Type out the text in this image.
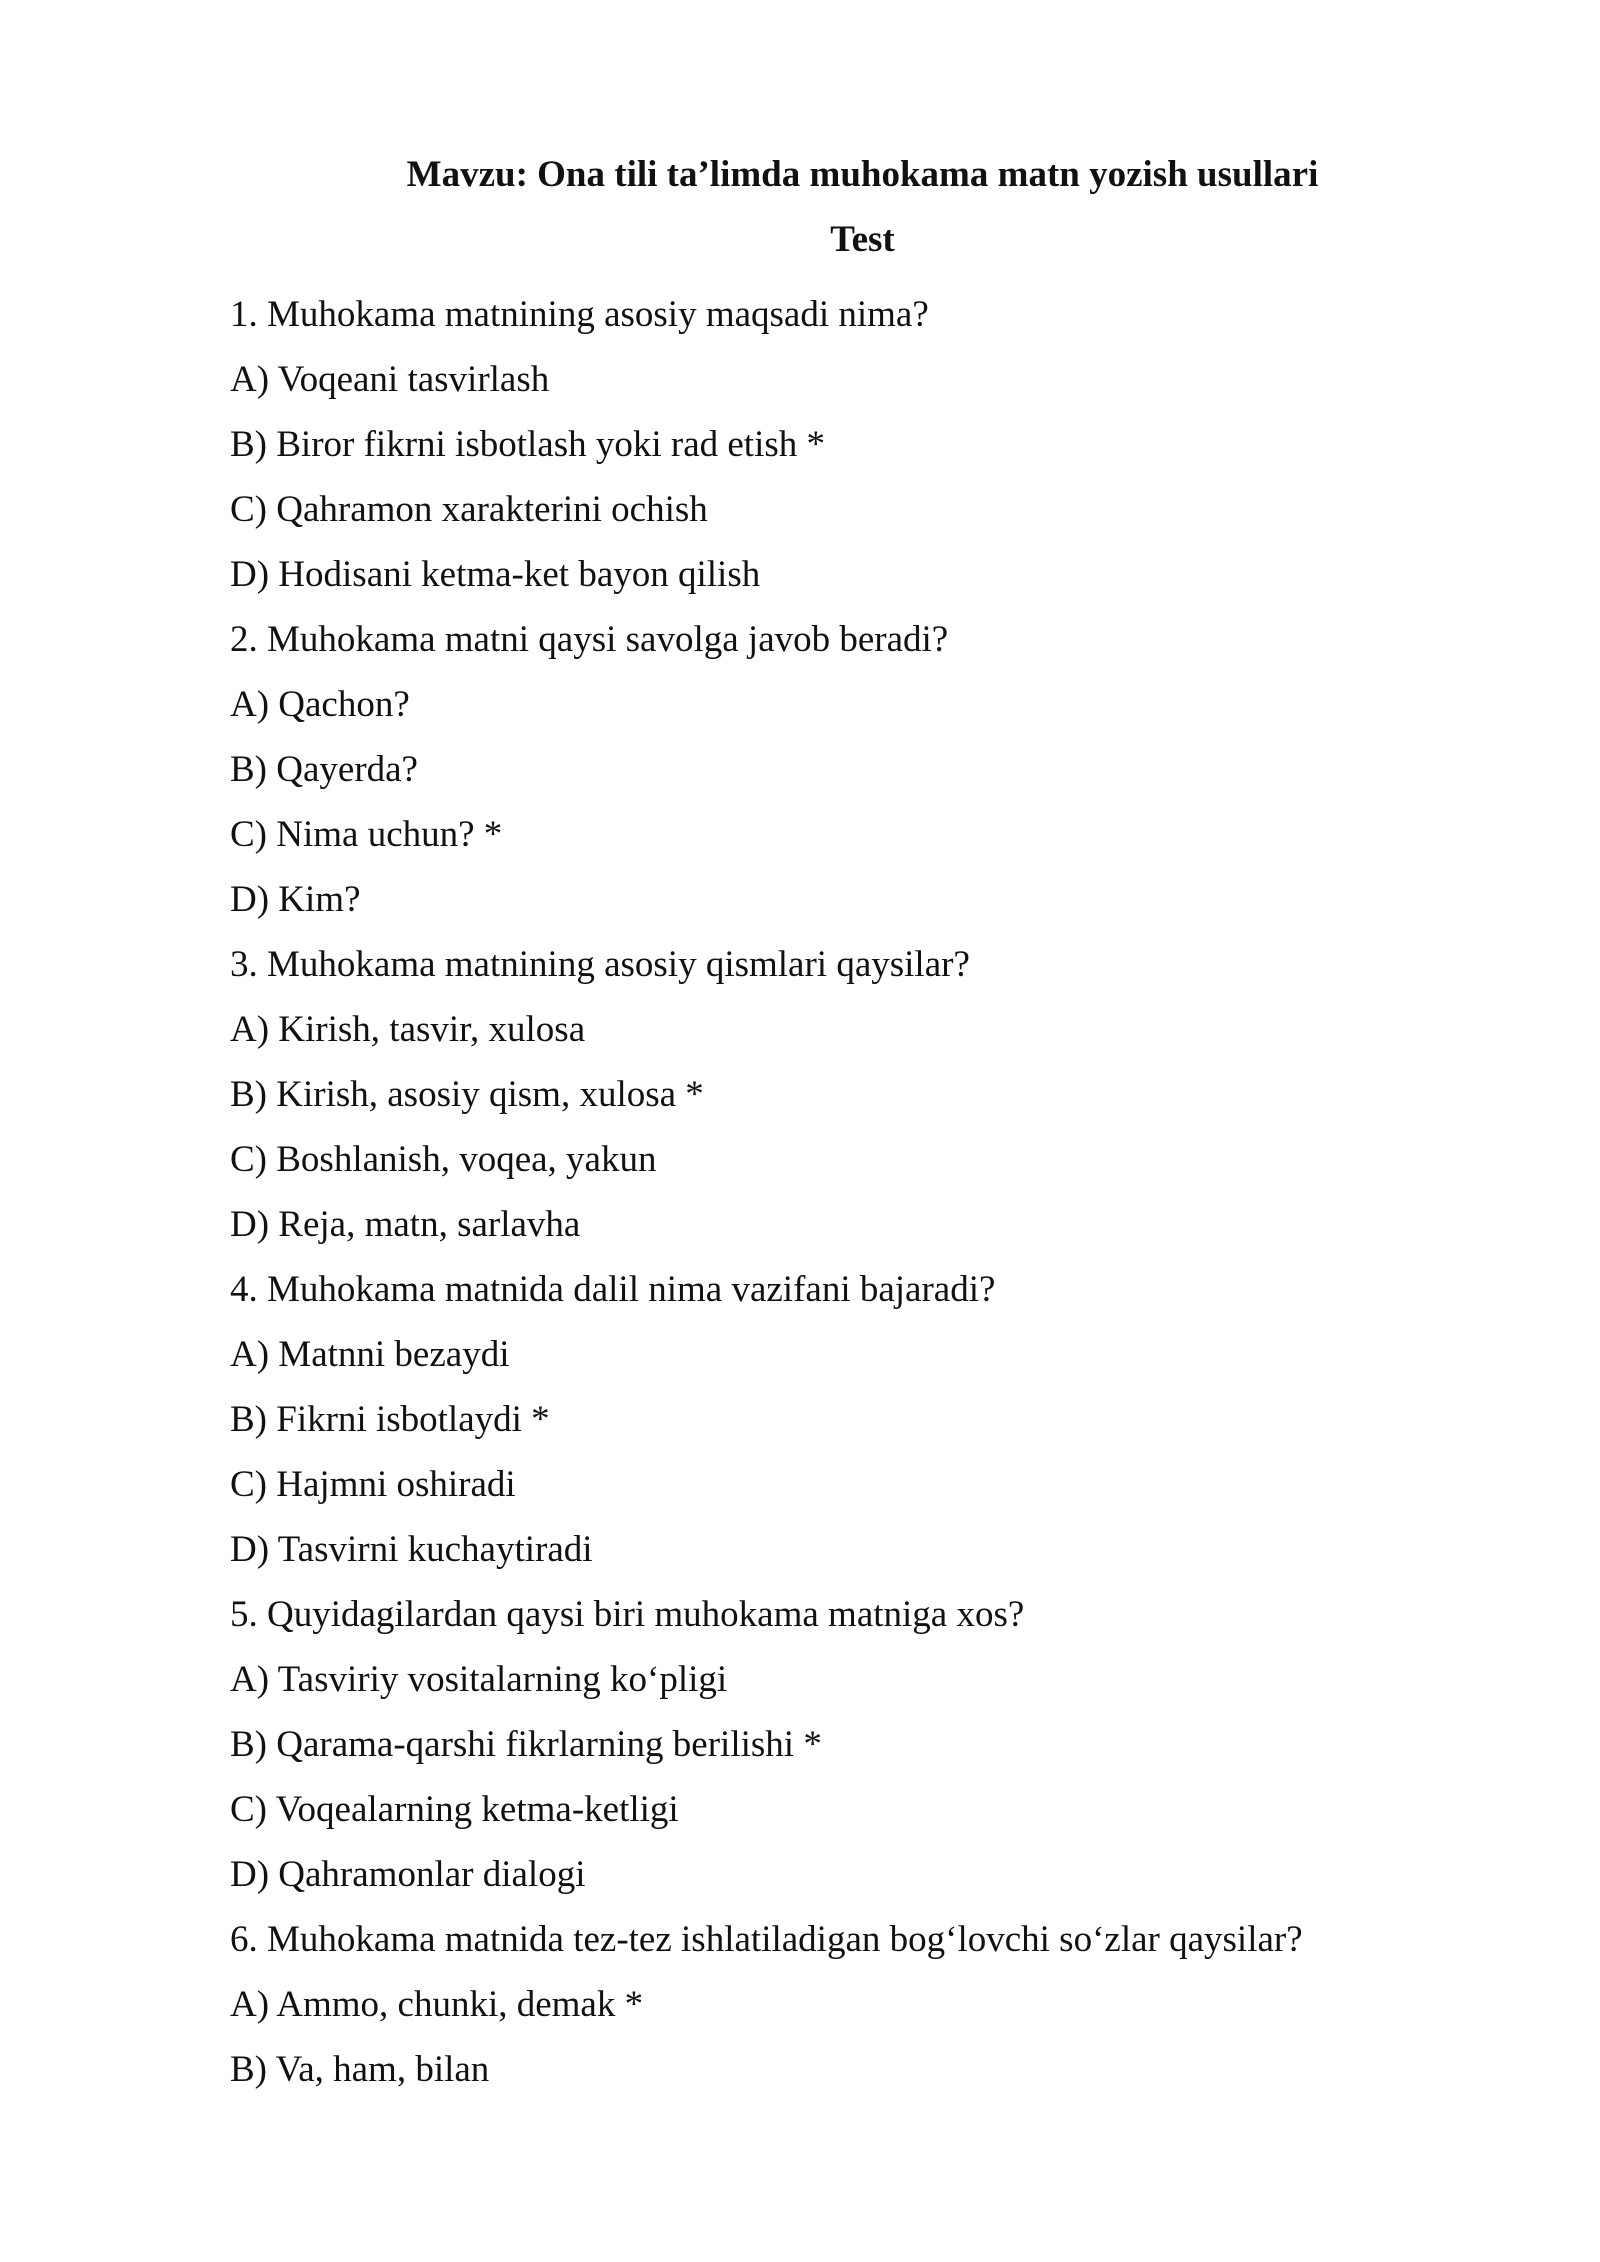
Mavzu: Ona tili ta’limda muhokama matn yozish usullari
Test
1. Muhokama matnining asosiy maqsadi nima?
A) Voqeani tasvirlash
B) Biror fikrni isbotlash yoki rad etish *
C) Qahramon xarakterini ochish
D) Hodisani ketma-ket bayon qilish
2. Muhokama matni qaysi savolga javob beradi?
A) Qachon?
B) Qayerda?
C) Nima uchun? *
D) Kim?
3. Muhokama matnining asosiy qismlari qaysilar?
A) Kirish, tasvir, xulosa
B) Kirish, asosiy qism, xulosa *
C) Boshlanish, voqea, yakun
D) Reja, matn, sarlavha
4. Muhokama matnida dalil nima vazifani bajaradi?
A) Matnni bezaydi
B) Fikrni isbotlaydi *
C) Hajmni oshiradi
D) Tasvirni kuchaytiradi
5. Quyidagilardan qaysi biri muhokama matniga xos?
A) Tasviriy vositalarning ko‘pligi
B) Qarama-qarshi fikrlarning berilishi *
C) Voqealarning ketma-ketligi
D) Qahramonlar dialogi
6. Muhokama matnida tez-tez ishlatiladigan bog‘lovchi so‘zlar qaysilar?
A) Ammo, chunki, demak *
B) Va, ham, bilan
